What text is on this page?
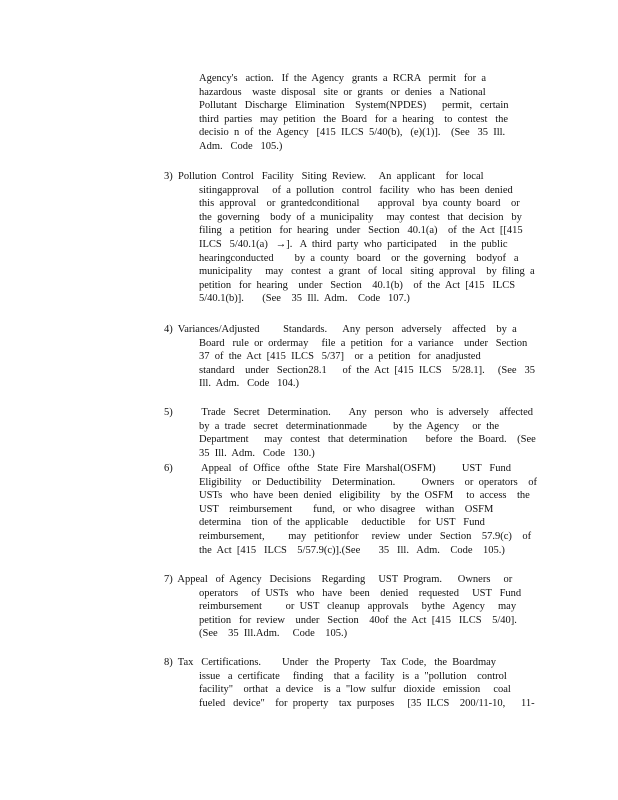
Agency's   action.   If  the  Agency   grants  a  RCRA   permit   for  a
hazardous    waste  disposal   site  or  grants   or  denies   a  National
Pollutant   Discharge   Elimination    System(NPDES)      permit,   certain
third  parties   may  petition   the  Board   for  a  hearing    to  contest   the
decisio  n  of  the  Agency   [415  ILCS  5/40(b),   (e)(1)].    (See   35  Ill.
Adm.   Code   105.)
3)  Pollution  Control   Facility   Siting  Review.     An  applicant    for  local
sitingapproval     of  a  pollution   control   facility   who  has  been  denied
this  approval    or  grantedconditional       approval   bya  county  board    or
the  governing    body  of  a  municipality     may  contest   that  decision   by
filing   a  petition   for  hearing   under   Section   40.1(a)    of  the  Act  [[415
ILCS   5/40.1(a)   →].   A  third  party  who  participated     in  the  public
hearingconducted        by  a  county   board    or  the  governing    bodyof   a
municipality     may   contest   a  grant   of  local   siting  approval    by  filing  a
petition   for  hearing    under   Section    40.1(b)    of  the  Act  [415   ILCS
5/40.1(b)].       (See    35  Ill.  Adm.    Code   107.)
4)  Variances/Adjusted         Standards.      Any  person   adversely    affected    by  a
Board   rule  or  ordermay     file  a  petition   for  a  variance    under   Section
37  of  the  Act  [415  ILCS   5/37]    or  a  petition   for  anadjusted
standard    under   Section28.1      of  the  Act  [415  ILCS    5/28.1].     (See   35
Ill.  Adm.   Code   104.)
5)           Trade   Secret   Determination.       Any   person   who   is  adversely    affected
by  a  trade   secret   determinationmade          by  the  Agency     or  the
Department      may   contest   that  determination       before   the  Board.    (See
35  Ill.  Adm.   Code   130.)
6)           Appeal   of  Office   ofthe   State  Fire  Marshal(OSFM)          UST   Fund
Eligibility    or  Deductibility    Determination.          Owners    or  operators    of
USTs   who  have  been  denied   eligibility    by  the  OSFM     to  access    the
UST    reimbursement        fund,   or  who  disagree    withan    OSFM
determina    tion  of  the  applicable     deductible     for  UST   Fund
reimbursement,         may   petitionfor     review   under   Section    57.9(c)    of
the  Act  [415   ILCS    5/57.9(c)].(See       35   Ill.   Adm.    Code    105.)
7)  Appeal   of  Agency   Decisions    Regarding     UST  Program.      Owners     or
operators     of  USTs   who   have   been    denied    requested     UST   Fund
reimbursement         or  UST   cleanup   approvals     bythe   Agency     may
petition   for  review    under   Section    40of  the  Act  [415   ILCS    5/40].
(See    35  Ill.Adm.     Code    105.)
8)  Tax   Certifications.        Under   the  Property    Tax  Code,   the  Boardmay
issue   a  certificate     finding    that  a  facility   is  a  "pollution    control
facility"    orthat   a  device    is  a  "low  sulfur   dioxide   emission     coal
fueled   device"    for  property    tax  purposes     [35  ILCS    200/11-10,      11-
